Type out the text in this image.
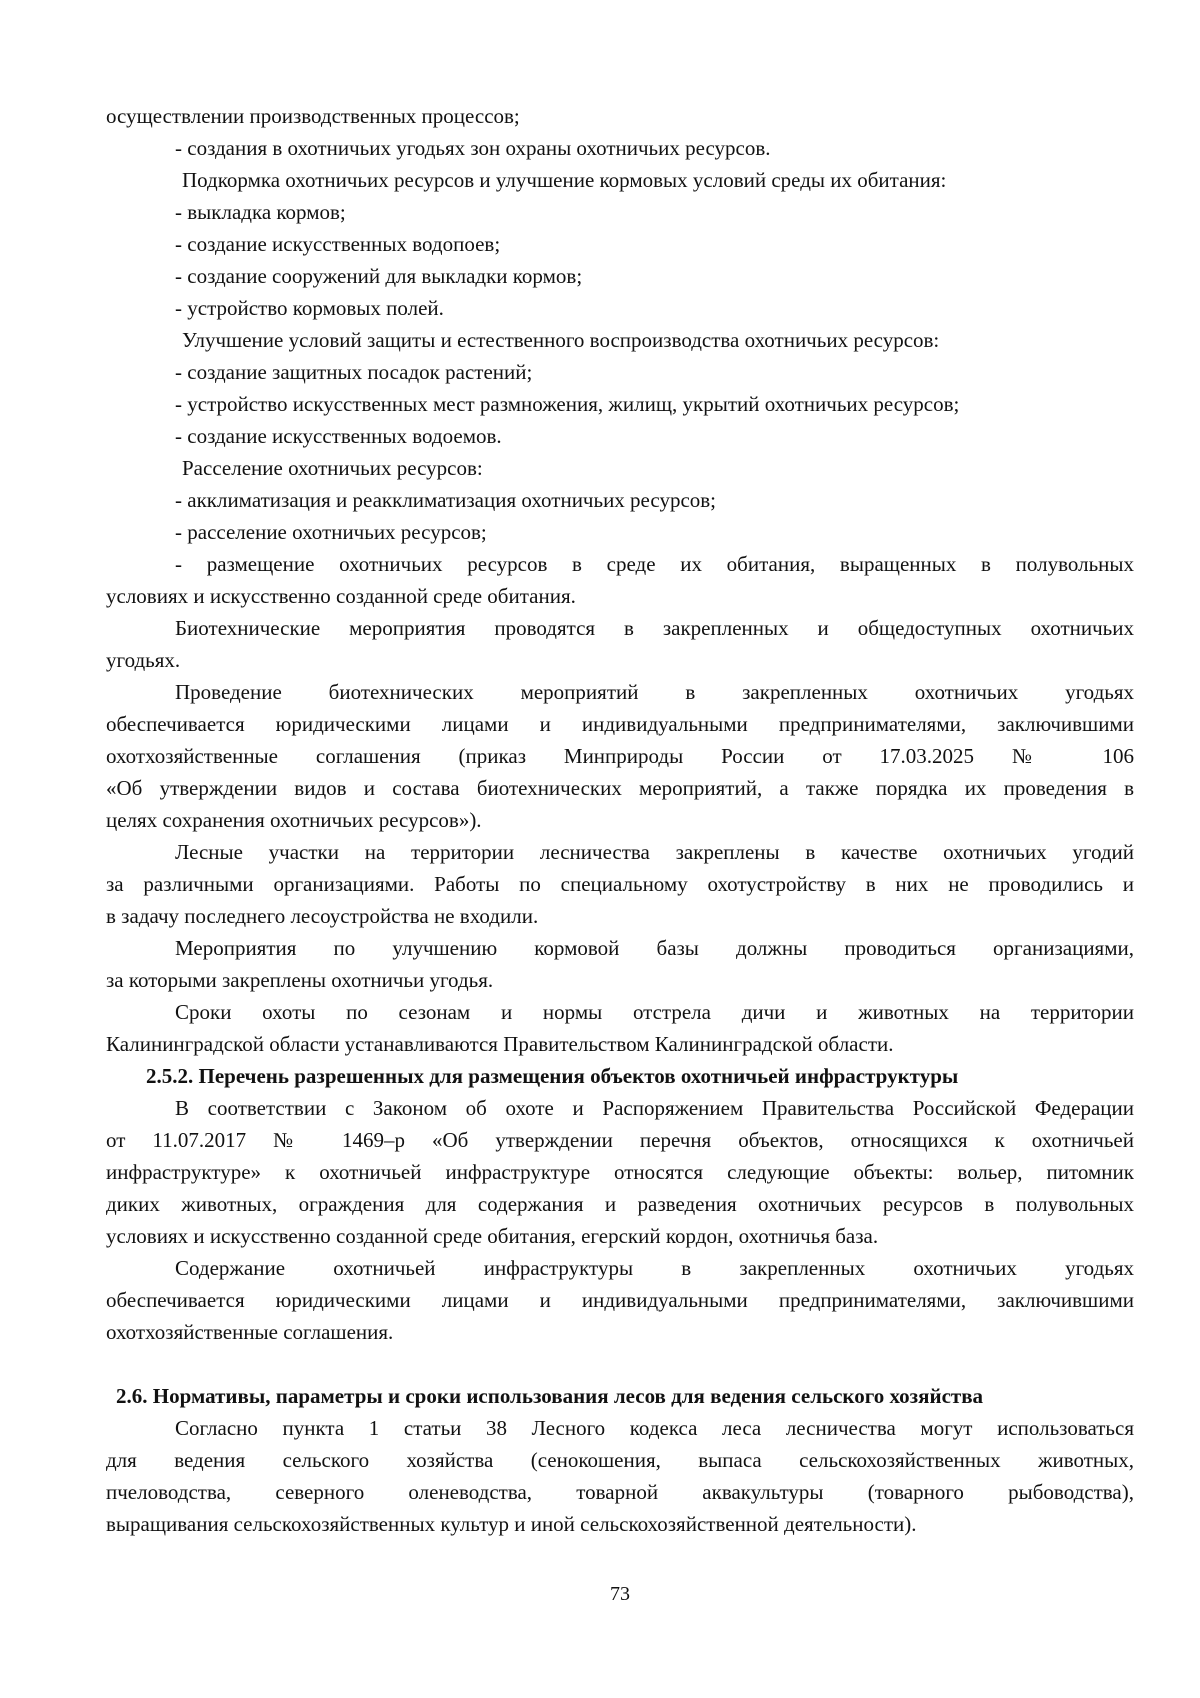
осуществлении производственных процессов;
- создания в охотничьих угодьях зон охраны охотничьих ресурсов.
Подкормка охотничьих ресурсов и улучшение кормовых условий среды их обитания:
- выкладка кормов;
- создание искусственных водопоев;
- создание сооружений для выкладки кормов;
- устройство кормовых полей.
Улучшение условий защиты и естественного воспроизводства охотничьих ресурсов:
- создание защитных посадок растений;
- устройство искусственных мест размножения, жилищ, укрытий охотничьих ресурсов;
- создание искусственных водоемов.
Расселение охотничьих ресурсов:
- акклиматизация и реакклиматизация охотничьих ресурсов;
- расселение охотничьих ресурсов;
- размещение охотничьих ресурсов в среде их обитания, выращенных в полувольных
условиях и искусственно созданной среде обитания.
Биотехнические мероприятия проводятся в закрепленных и общедоступных охотничьих
угодьях.
Проведение биотехнических мероприятий в закрепленных охотничьих угодьях
обеспечивается юридическими лицами и индивидуальными предпринимателями, заключившими
охотхозяйственные соглашения (приказ Минприроды России от 17.03.2025 № 106
«Об утверждении видов и состава биотехнических мероприятий, а также порядка их проведения в
целях сохранения охотничьих ресурсов»).
Лесные участки на территории лесничества закреплены в качестве охотничьих угодий
за различными организациями. Работы по специальному охотустройству в них не проводились и
в задачу последнего лесоустройства не входили.
Мероприятия по улучшению кормовой базы должны проводиться организациями,
за которыми закреплены охотничьи угодья.
Сроки охоты по сезонам и нормы отстрела дичи и животных на территории
Калининградской области устанавливаются Правительством Калининградской области.
2.5.2. Перечень разрешенных для размещения объектов охотничьей инфраструктуры
В соответствии с Законом об охоте и Распоряжением Правительства Российской Федерации
от 11.07.2017 № 1469–р «Об утверждении перечня объектов, относящихся к охотничьей
инфраструктуре» к охотничьей инфраструктуре относятся следующие объекты: вольер, питомник
диких животных, ограждения для содержания и разведения охотничьих ресурсов в полувольных
условиях и искусственно созданной среде обитания, егерский кордон, охотничья база.
Содержание охотничьей инфраструктуры в закрепленных охотничьих угодьях
обеспечивается юридическими лицами и индивидуальными предпринимателями, заключившими
охотхозяйственные соглашения.
2.6. Нормативы, параметры и сроки использования лесов для ведения сельского хозяйства
Согласно пункта 1 статьи 38 Лесного кодекса леса лесничества могут использоваться
для ведения сельского хозяйства (сенокошения, выпаса сельскохозяйственных животных,
пчеловодства, северного оленеводства, товарной аквакультуры (товарного рыбоводства),
выращивания сельскохозяйственных культур и иной сельскохозяйственной деятельности).
73
